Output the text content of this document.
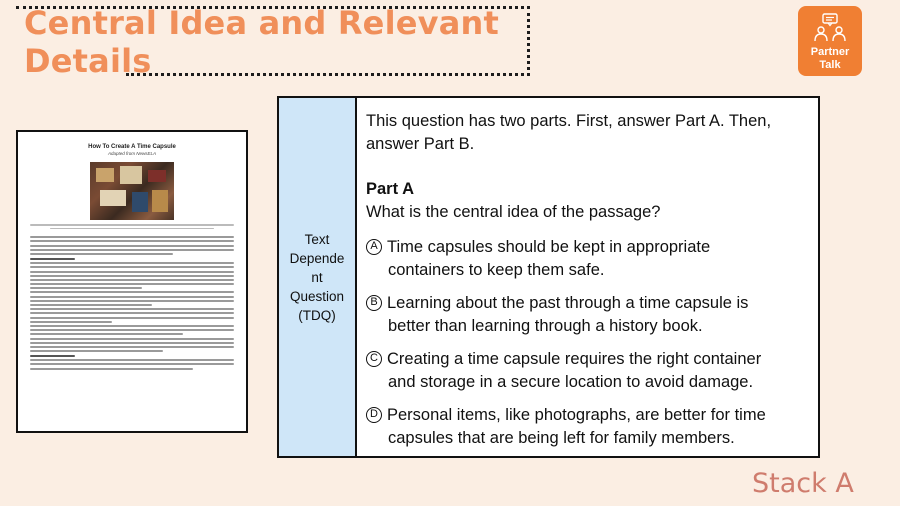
Central Idea and Relevant
Details	Partner
Talk
How To Create A Time Capsule
Adapted from NewsELA
Text
Depende
nt
Question
(TDQ)
This question has two parts. First, answer Part A. Then, answer Part B.
Part A
What is the central idea of the passage?
A Time capsules should be kept in appropriate
containers to keep them safe.
B Learning about the past through a time capsule is
better than learning through a history book.
C Creating a time capsule requires the right container
and storage in a secure location to avoid damage.
D Personal items, like photographs, are better for time
capsules that are being left for family members.
Stack A
